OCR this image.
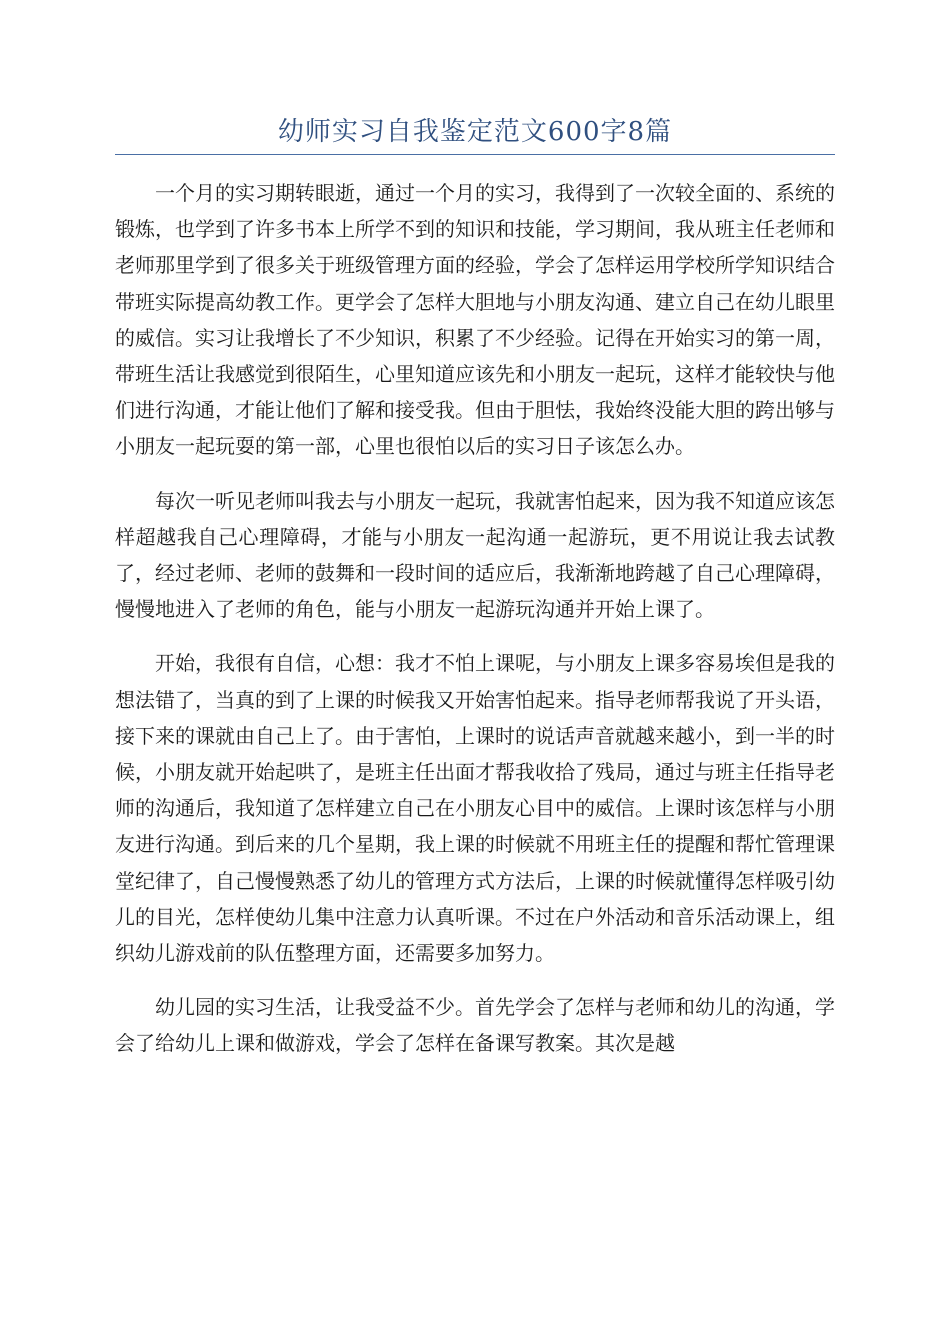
幼师实习自我鉴定范文600字8篇

一个月的实习期转眼逝，通过一个月的实习，我得到了一次较全面的、系统的锻炼，也学到了许多书本上所学不到的知识和技能，学习期间，我从班主任老师和老师那里学到了很多关于班级管理方面的经验，学会了怎样运用学校所学知识结合带班实际提高幼教工作。更学会了怎样大胆地与小朋友沟通、建立自己在幼儿眼里的威信。实习让我增长了不少知识，积累了不少经验。记得在开始实习的第一周，带班生活让我感觉到很陌生，心里知道应该先和小朋友一起玩，这样才能较快与他们进行沟通，才能让他们了解和接受我。但由于胆怯，我始终没能大胆的跨出够与小朋友一起玩耍的第一部，心里也很怕以后的实习日子该怎么办。

每次一听见老师叫我去与小朋友一起玩，我就害怕起来，因为我不知道应该怎样超越我自己心理障碍，才能与小朋友一起沟通一起游玩，更不用说让我去试教了，经过老师、老师的鼓舞和一段时间的适应后，我渐渐地跨越了自己心理障碍，慢慢地进入了老师的角色，能与小朋友一起游玩沟通并开始上课了。

开始，我很有自信，心想：我才不怕上课呢，与小朋友上课多容易埃但是我的想法错了，当真的到了上课的时候我又开始害怕起来。指导老师帮我说了开头语，接下来的课就由自己上了。由于害怕，上课时的说话声音就越来越小，到一半的时候，小朋友就开始起哄了，是班主任出面才帮我收拾了残局，通过与班主任指导老师的沟通后，我知道了怎样建立自己在小朋友心目中的威信。上课时该怎样与小朋友进行沟通。到后来的几个星期，我上课的时候就不用班主任的提醒和帮忙管理课堂纪律了，自己慢慢熟悉了幼儿的管理方式方法后，上课的时候就懂得怎样吸引幼儿的目光，怎样使幼儿集中注意力认真听课。不过在户外活动和音乐活动课上，组织幼儿游戏前的队伍整理方面，还需要多加努力。

幼儿园的实习生活，让我受益不少。首先学会了怎样与老师和幼儿的沟通，学会了给幼儿上课和做游戏，学会了怎样在备课写教案。其次是越
